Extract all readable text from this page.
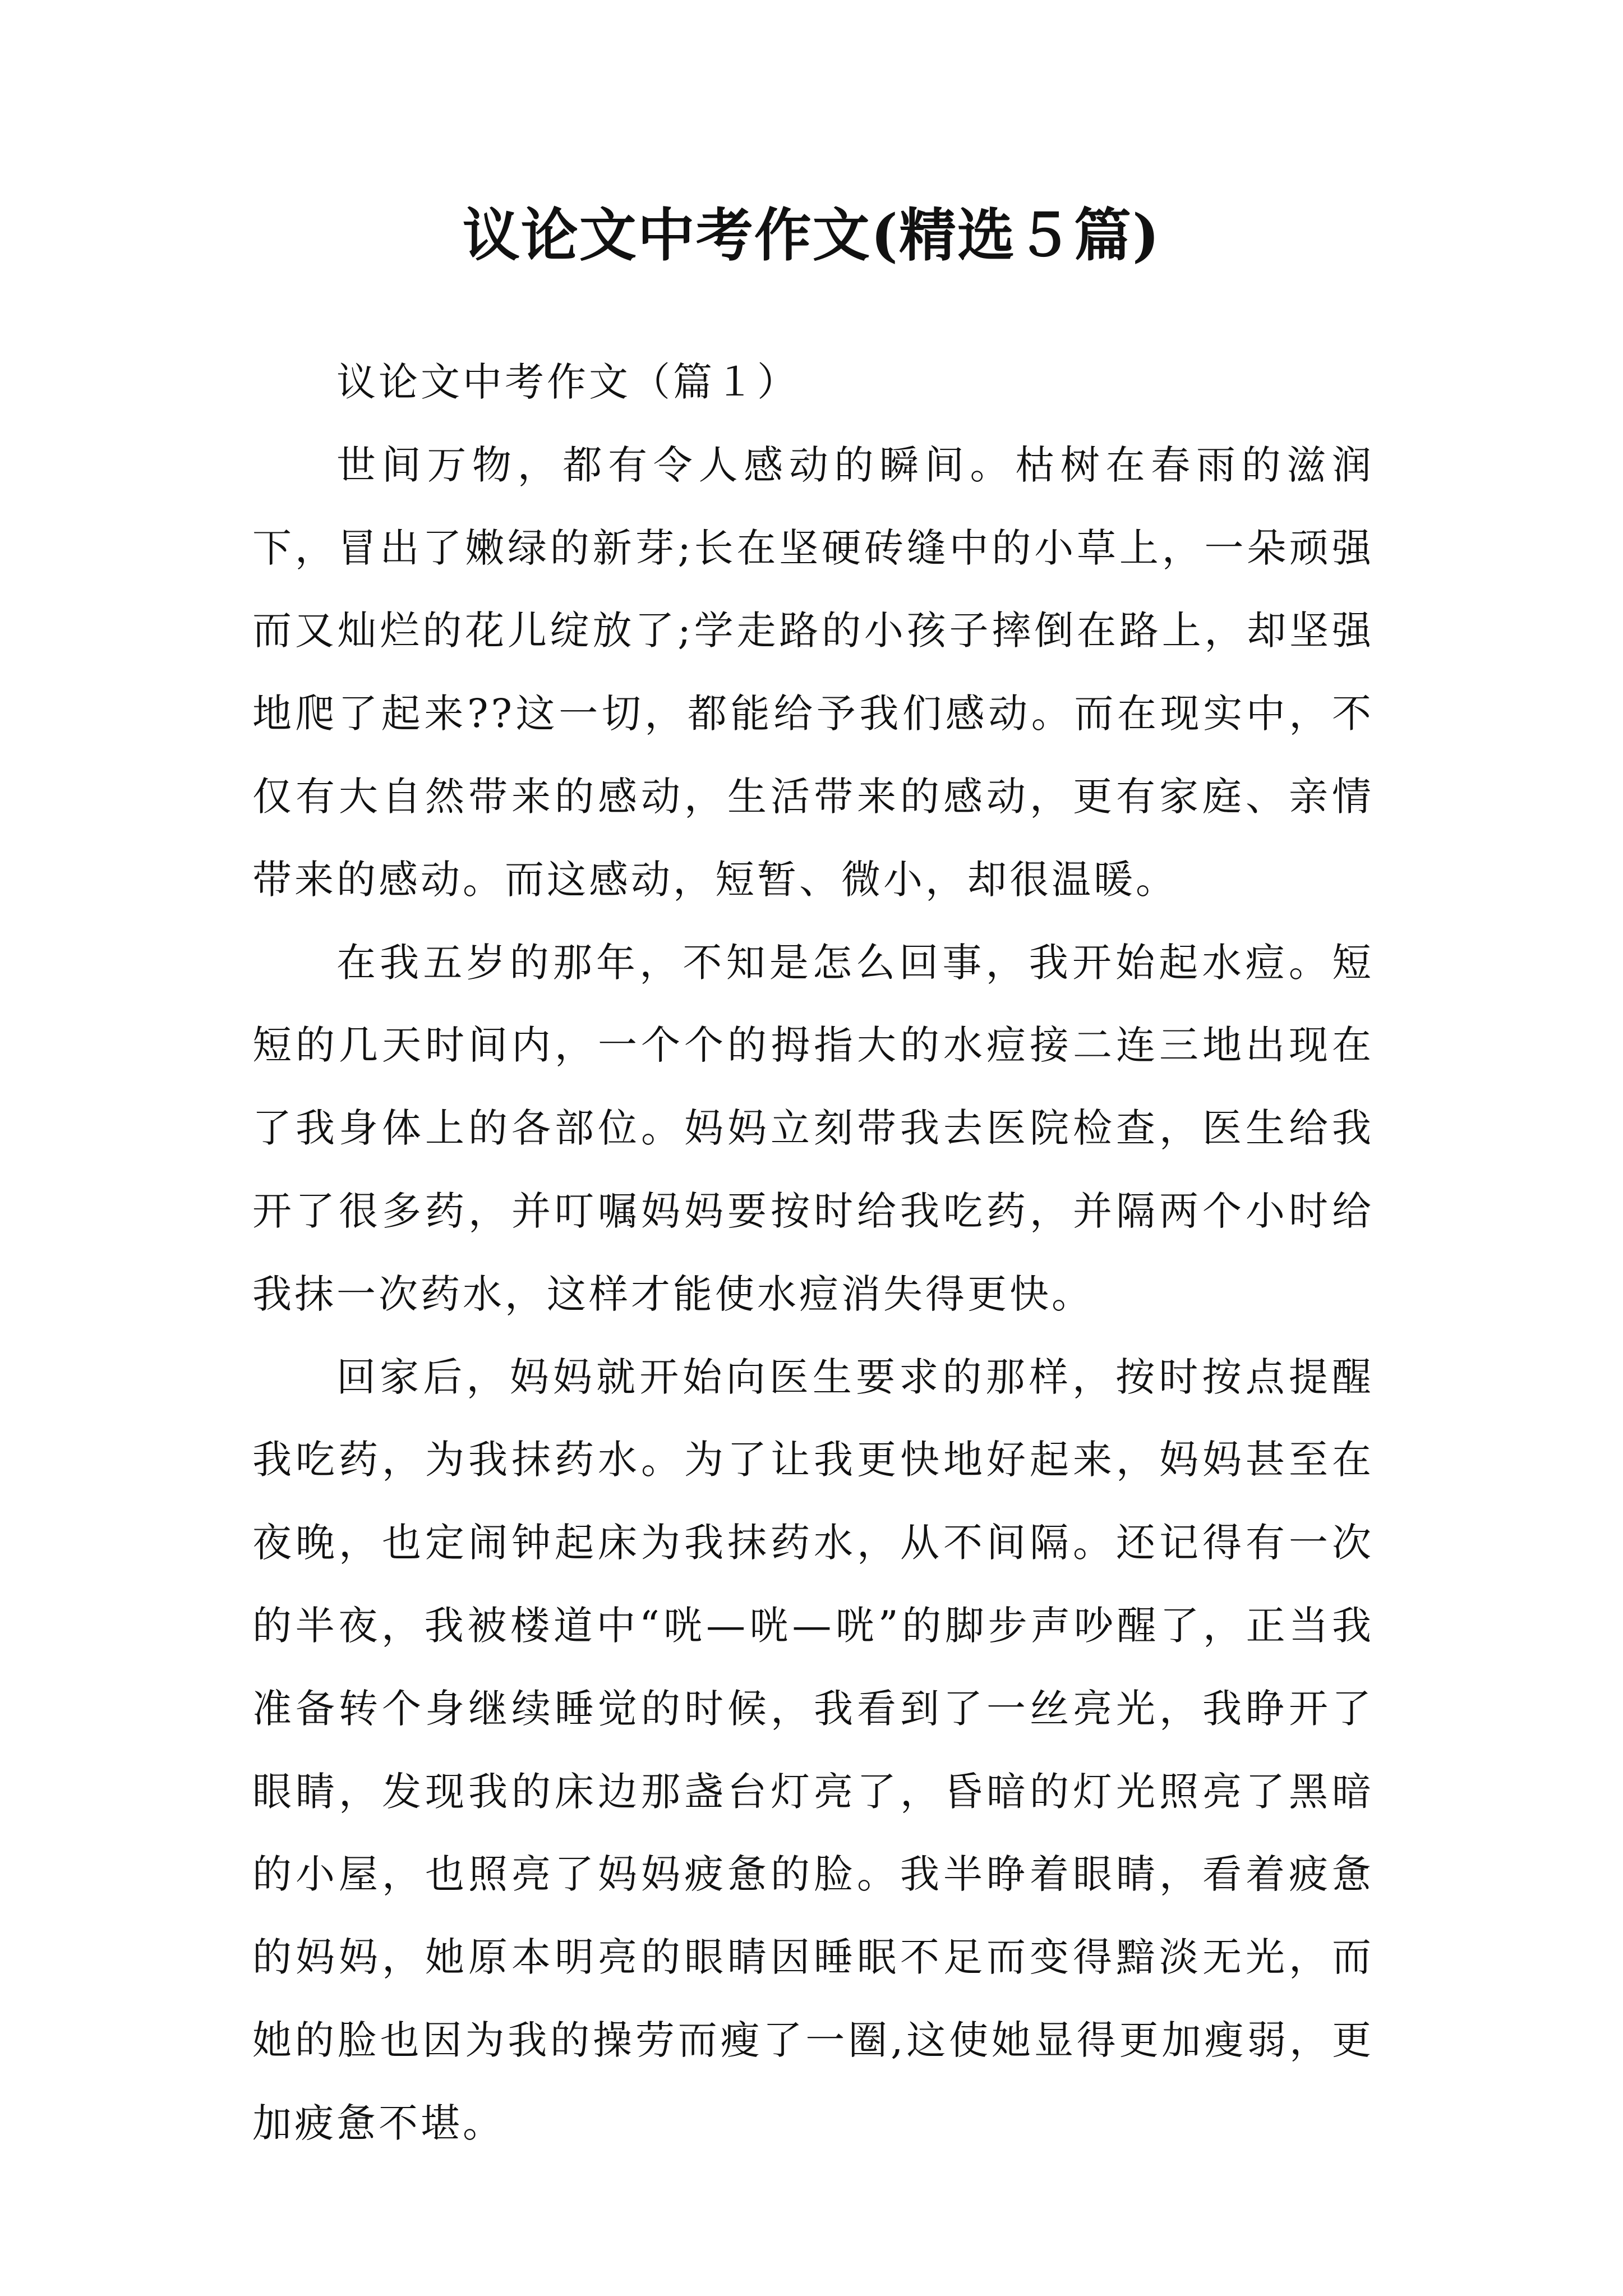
议论文中考作文(精选５篇)

议论文中考作文（篇１）

世间万物，都有令人感动的瞬间。枯树在春雨的滋润下，冒出了嫩绿的新芽;长在坚硬砖缝中的小草上，一朵顽强而又灿烂的花儿绽放了;学走路的小孩子摔倒在路上，却坚强地爬了起来??这一切，都能给予我们感动。而在现实中，不仅有大自然带来的感动，生活带来的感动，更有家庭、亲情带来的感动。而这感动，短暂、微小，却很温暖。

在我五岁的那年，不知是怎么回事，我开始起水痘。短短的几天时间内，一个个的拇指大的水痘接二连三地出现在了我身体上的各部位。妈妈立刻带我去医院检查，医生给我开了很多药，并叮嘱妈妈要按时给我吃药，并隔两个小时给我抹一次药水，这样才能使水痘消失得更快。

回家后，妈妈就开始向医生要求的那样，按时按点提醒我吃药，为我抹药水。为了让我更快地好起来，妈妈甚至在夜晚，也定闹钟起床为我抹药水，从不间隔。还记得有一次的半夜，我被楼道中“咣—咣—咣”的脚步声吵醒了，正当我准备转个身继续睡觉的时候，我看到了一丝亮光，我睁开了眼睛，发现我的床边那盏台灯亮了，昏暗的灯光照亮了黑暗的小屋，也照亮了妈妈疲惫的脸。我半睁着眼睛，看着疲惫的妈妈，她原本明亮的眼睛因睡眠不足而变得黯淡无光，而她的脸也因为我的操劳而瘦了一圈,这使她显得更加瘦弱，更加疲惫不堪。
